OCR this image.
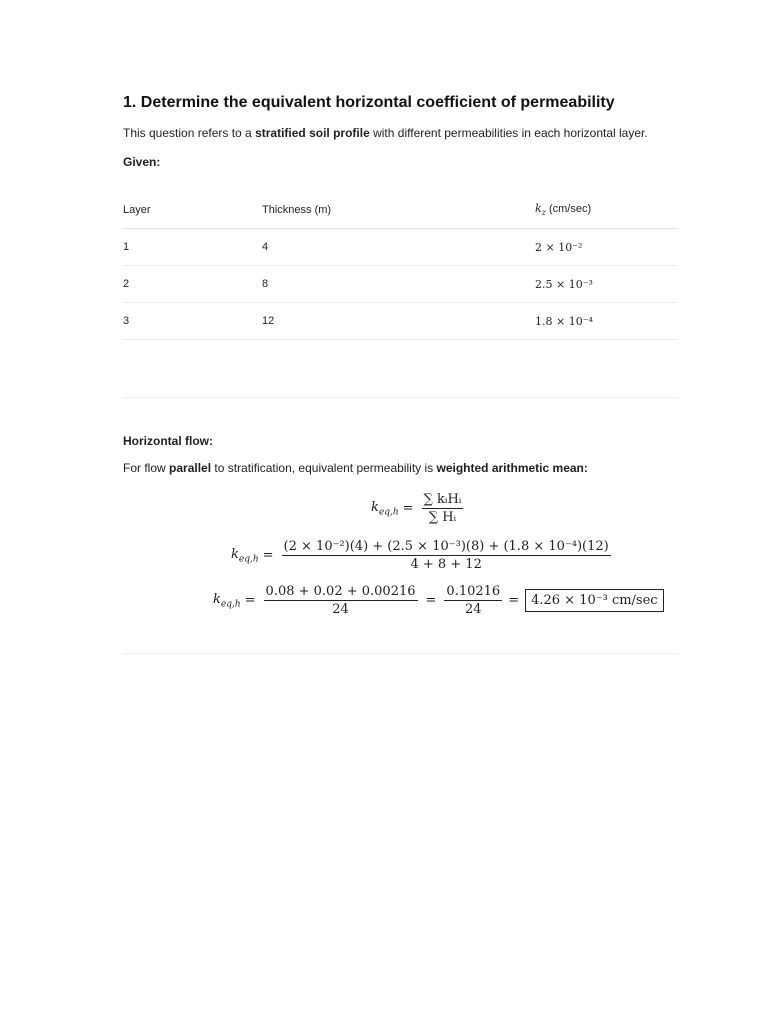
1. Determine the equivalent horizontal coefficient of permeability
This question refers to a stratified soil profile with different permeabilities in each horizontal layer.
Given:
Layer	Thickness (m)	$k_z$ (cm/sec)
1	4	2 × 10⁻²
2	8	2.5 × 10⁻³
3	12	1.8 × 10⁻⁴
Horizontal flow:
For flow parallel to stratification, equivalent permeability is weighted arithmetic mean:
$k_{eq,h} = \frac{\text{∑ kᵢHᵢ}}{\text{∑ Hᵢ}}$
$k_{eq,h} = \frac{\text{(2 × 10⁻²)(4) + (2.5 × 10⁻³)(8) + (1.8 × 10⁻⁴)(12)}}{4 + 8 + 12}$
$k_{eq,h} = \frac{0.08 + 0.02 + 0.00216}{24} = \frac{0.10216}{24} = 4.26 \times 10^{-3}$ cm/sec
